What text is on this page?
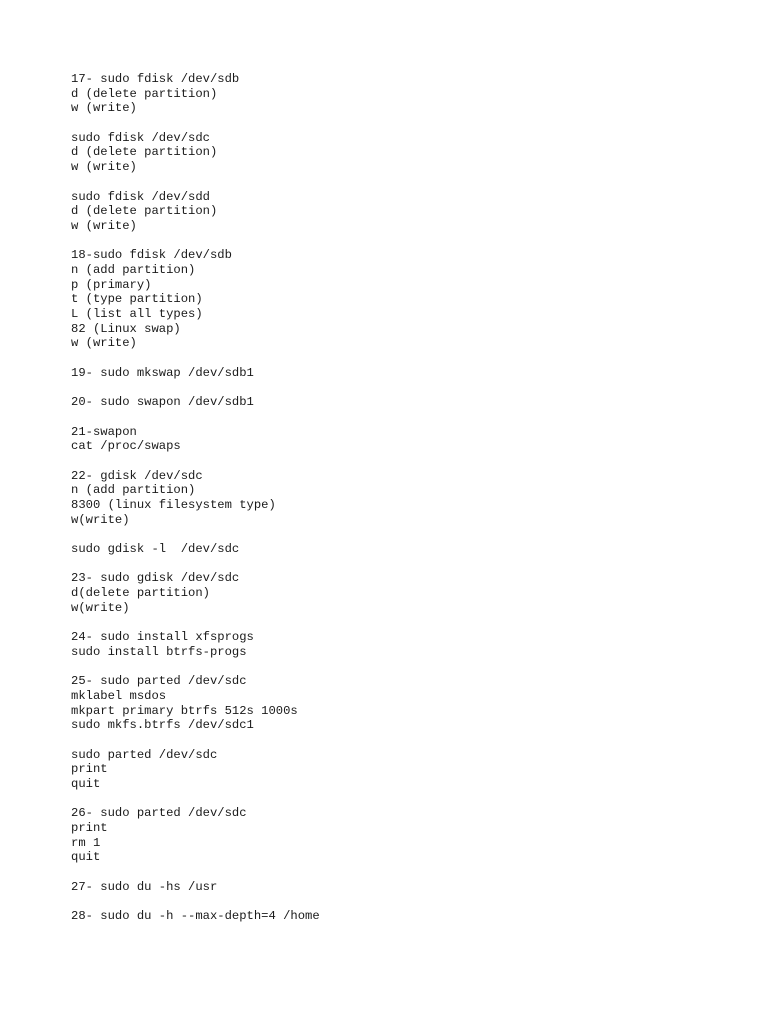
17- sudo fdisk /dev/sdb
d (delete partition)
w (write)
sudo fdisk /dev/sdc
d (delete partition)
w (write)
sudo fdisk /dev/sdd
d (delete partition)
w (write)
18-sudo fdisk /dev/sdb
n (add partition)
p (primary)
t (type partition)
L (list all types)
82 (Linux swap)
w (write)
19- sudo mkswap /dev/sdb1
20- sudo swapon /dev/sdb1
21-swapon
cat /proc/swaps
22- gdisk /dev/sdc
n (add partition)
8300 (linux filesystem type)
w(write)
sudo gdisk -l  /dev/sdc
23- sudo gdisk /dev/sdc
d(delete partition)
w(write)
24- sudo install xfsprogs
sudo install btrfs-progs
25- sudo parted /dev/sdc
mklabel msdos
mkpart primary btrfs 512s 1000s
sudo mkfs.btrfs /dev/sdc1
sudo parted /dev/sdc
print
quit
26- sudo parted /dev/sdc
print
rm 1
quit
27- sudo du -hs /usr
28- sudo du -h --max-depth=4 /home
